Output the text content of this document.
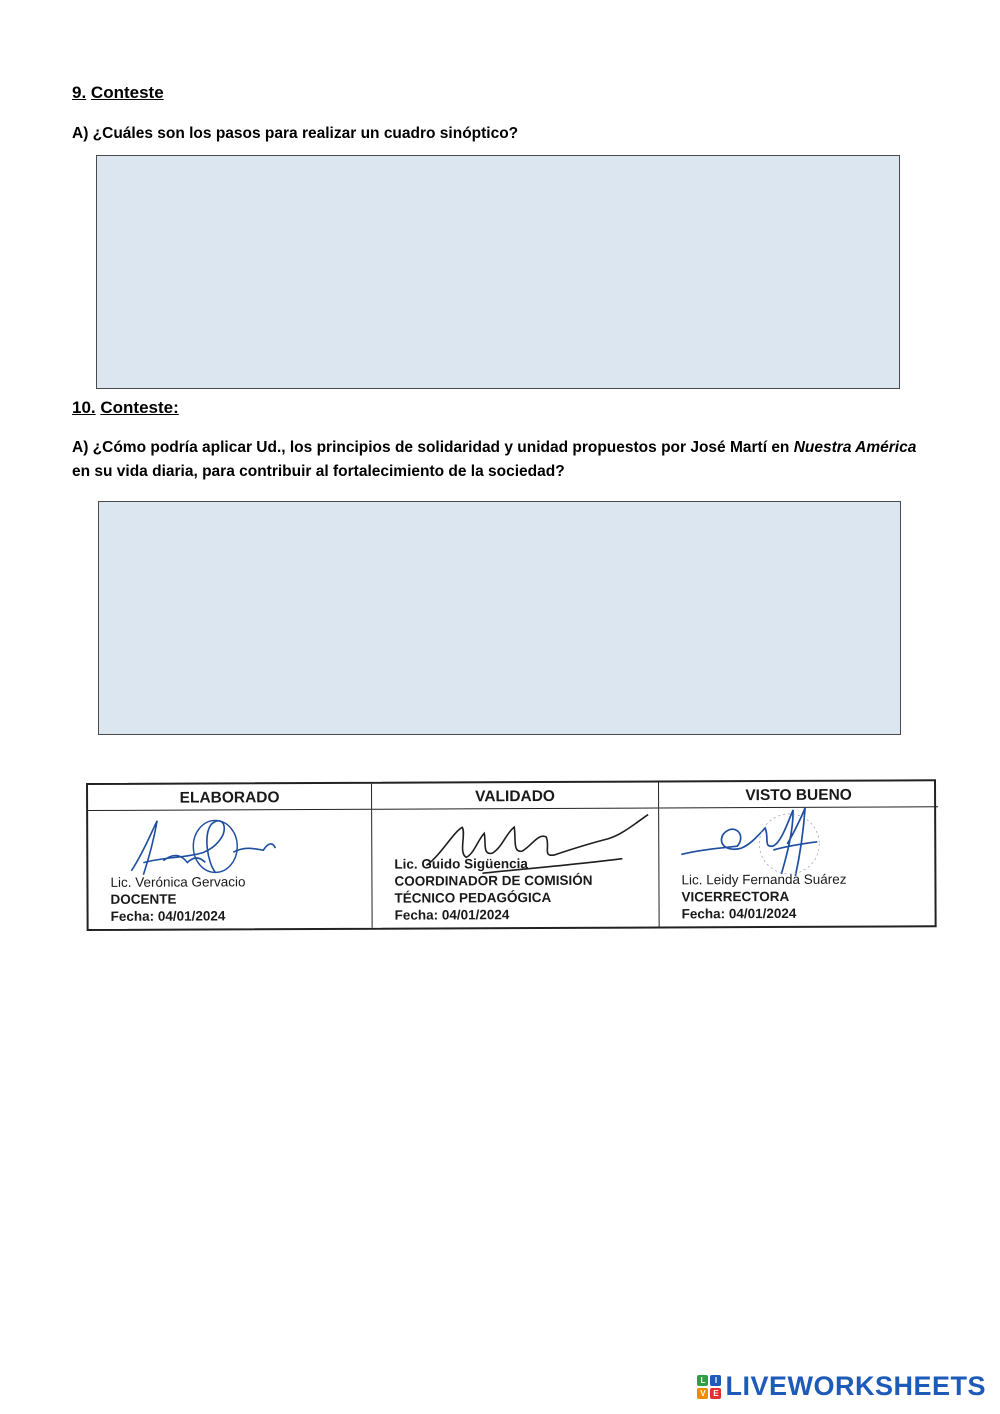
9. Conteste
A) ¿Cuáles son los pasos para realizar un cuadro sinóptico?
10. Conteste:
A) ¿Cómo podría aplicar Ud., los principios de solidaridad y unidad propuestos por José Martí en Nuestra América en su vida diaria, para contribuir al fortalecimiento de la sociedad?
ELABORADO
Lic. Verónica Gervacio
DOCENTE
Fecha: 04/01/2024
VALIDADO
Lic. Guido Sigüencia
COORDINADOR DE COMISIÓN
TÉCNICO PEDAGÓGICA
Fecha: 04/01/2024
VISTO BUENO
Lic. Leidy Fernanda Suárez
VICERRECTORA
Fecha: 04/01/2024
L	I
V E LIVEWORKSHEETS
